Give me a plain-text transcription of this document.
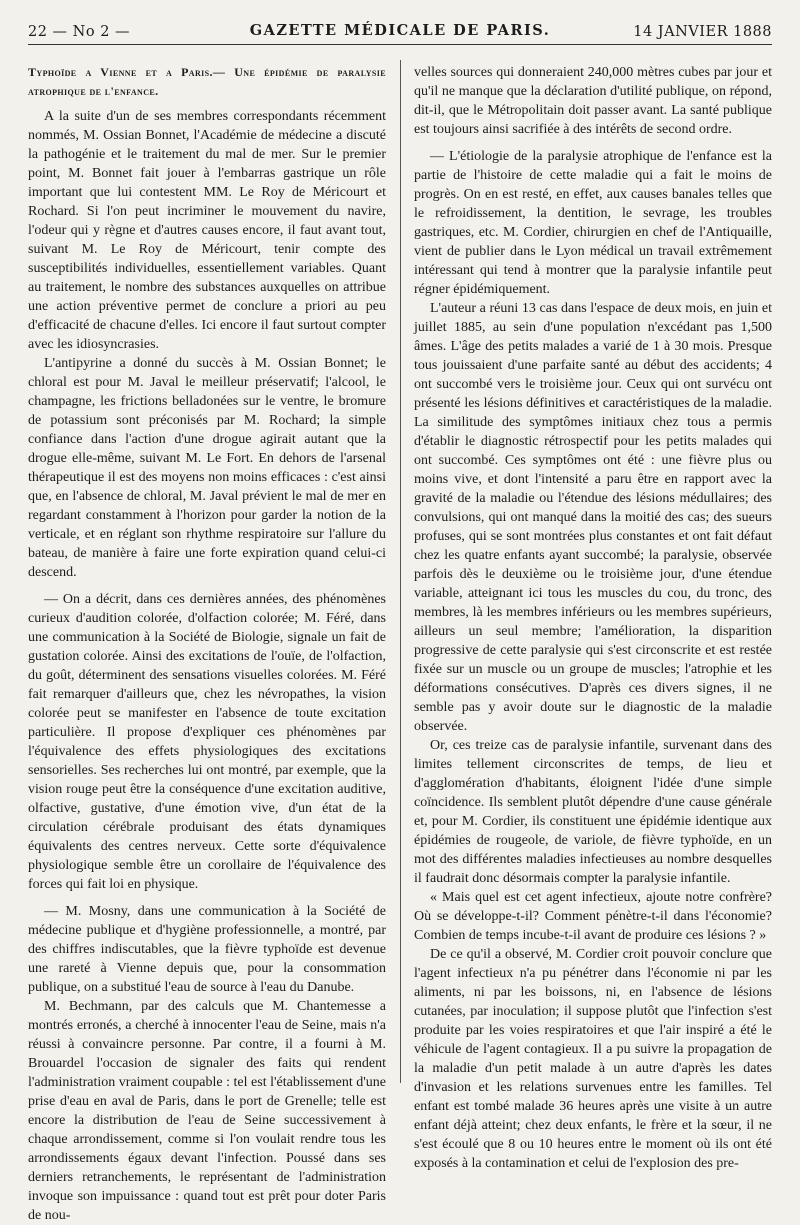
22 — No 2 —	GAZETTE MÉDICALE DE PARIS.	14 JANVIER 1888
Typhoïde a Vienne et a Paris.— Une épidémie de paralysie atrophique de l'enfance.

A la suite d'un de ses membres correspondants récemment nommés, M. Ossian Bonnet, l'Académie de médecine a discuté la pathogénie et le traitement du mal de mer. Sur le premier point, M. Bonnet fait jouer à l'embarras gastrique un rôle important que lui contestent MM. Le Roy de Méricourt et Rochard. Si l'on peut incriminer le mouvement du navire, l'odeur qui y règne et d'autres causes encore, il faut avant tout, suivant M. Le Roy de Méricourt, tenir compte des susceptibilités individuelles, essentiellement variables. Quant au traitement, le nombre des substances auxquelles on attribue une action préventive permet de conclure a priori au peu d'efficacité de chacune d'elles. Ici encore il faut surtout compter avec les idiosyncrasies.

L'antipyrine a donné du succès à M. Ossian Bonnet; le chloral est pour M. Javal le meilleur préservatif; l'alcool, le champagne, les frictions belladonées sur le ventre, le bromure de potassium sont préconisés par M. Rochard; la simple confiance dans l'action d'une drogue agirait autant que la drogue elle-même, suivant M. Le Fort. En dehors de l'arsenal thérapeutique il est des moyens non moins efficaces : c'est ainsi que, en l'absence de chloral, M. Javal prévient le mal de mer en regardant constamment à l'horizon pour garder la notion de la verticale, et en réglant son rhythme respiratoire sur l'allure du bateau, de manière à faire une forte expiration quand celui-ci descend.

— On a décrit, dans ces dernières années, des phénomènes curieux d'audition colorée, d'olfaction colorée; M. Féré, dans une communication à la Société de Biologie, signale un fait de gustation colorée. Ainsi des excitations de l'ouïe, de l'olfaction, du goût, déterminent des sensations visuelles colorées. M. Féré fait remarquer d'ailleurs que, chez les névropathes, la vision colorée peut se manifester en l'absence de toute excitation particulière. Il propose d'expliquer ces phénomènes par l'équivalence des effets physiologiques des excitations sensorielles. Ses recherches lui ont montré, par exemple, que la vision rouge peut être la conséquence d'une excitation auditive, olfactive, gustative, d'une émotion vive, d'un état de la circulation cérébrale produisant des états dynamiques équivalents des centres nerveux. Cette sorte d'équivalence physiologique semble être un corollaire de l'équivalence des forces qui fait loi en physique.

— M. Mosny, dans une communication à la Société de médecine publique et d'hygiène professionnelle, a montré, par des chiffres indiscutables, que la fièvre typhoïde est devenue une rareté à Vienne depuis que, pour la consommation publique, on a substitué l'eau de source à l'eau du Danube.

M. Bechmann, par des calculs que M. Chantemesse a montrés erronés, a cherché à innocenter l'eau de Seine, mais n'a réussi à convaincre personne. Par contre, il a fourni à M. Brouardel l'occasion de signaler des faits qui rendent l'administration vraiment coupable : tel est l'établissement d'une prise d'eau en aval de Paris, dans le port de Grenelle; telle est encore la distribution de l'eau de Seine successivement à chaque arrondissement, comme si l'on voulait rendre tous les arrondissements égaux devant l'infection. Poussé dans ses derniers retranchements, le représentant de l'administration invoque son impuissance : quand tout est prêt pour doter Paris de nou-

velles sources qui donneraient 240,000 mètres cubes par jour et qu'il ne manque que la déclaration d'utilité publique, on répond, dit-il, que le Métropolitain doit passer avant. La santé publique est toujours ainsi sacrifiée à des intérêts de second ordre.

— L'étiologie de la paralysie atrophique de l'enfance est la partie de l'histoire de cette maladie qui a fait le moins de progrès. On en est resté, en effet, aux causes banales telles que le refroidissement, la dentition, le sevrage, les troubles gastriques, etc. M. Cordier, chirurgien en chef de l'Antiquaille, vient de publier dans le Lyon médical un travail extrêmement intéressant qui tend à montrer que la paralysie infantile peut régner épidémiquement.

L'auteur a réuni 13 cas dans l'espace de deux mois, en juin et juillet 1885, au sein d'une population n'excédant pas 1,500 âmes. L'âge des petits malades a varié de 1 à 30 mois. Presque tous jouissaient d'une parfaite santé au début des accidents; 4 ont succombé vers le troisième jour. Ceux qui ont survécu ont présenté les lésions définitives et caractéristiques de la maladie. La similitude des symptômes initiaux chez tous a permis d'établir le diagnostic rétrospectif pour les petits malades qui ont succombé. Ces symptômes ont été : une fièvre plus ou moins vive, et dont l'intensité a paru être en rapport avec la gravité de la maladie ou l'étendue des lésions médullaires; des convulsions, qui ont manqué dans la moitié des cas; des sueurs profuses, qui se sont montrées plus constantes et ont fait défaut chez les quatre enfants ayant succombé; la paralysie, observée parfois dès le deuxième ou le troisième jour, d'une étendue variable, atteignant ici tous les muscles du cou, du tronc, des membres, là les membres inférieurs ou les membres supérieurs, ailleurs un seul membre; l'amélioration, la disparition progressive de cette paralysie qui s'est circonscrite et est restée fixée sur un muscle ou un groupe de muscles; l'atrophie et les déformations consécutives. D'après ces divers signes, il ne semble pas y avoir doute sur le diagnostic de la maladie observée.

Or, ces treize cas de paralysie infantile, survenant dans des limites tellement circonscrites de temps, de lieu et d'agglomération d'habitants, éloignent l'idée d'une simple coïncidence. Ils semblent plutôt dépendre d'une cause générale et, pour M. Cordier, ils constituent une épidémie identique aux épidémies de rougeole, de variole, de fièvre typhoïde, en un mot des différentes maladies infectieuses au nombre desquelles il faudrait donc désormais compter la paralysie infantile.

« Mais quel est cet agent infectieux, ajoute notre confrère? Où se développe-t-il? Comment pénètre-t-il dans l'économie? Combien de temps incube-t-il avant de produire ces lésions ? »

De ce qu'il a observé, M. Cordier croit pouvoir conclure que l'agent infectieux n'a pu pénétrer dans l'économie ni par les aliments, ni par les boissons, ni, en l'absence de lésions cutanées, par inoculation; il suppose plutôt que l'infection s'est produite par les voies respiratoires et que l'air inspiré a été le véhicule de l'agent contagieux. Il a pu suivre la propagation de la maladie d'un petit malade à un autre d'après les dates d'invasion et les relations survenues entre les familles. Tel enfant est tombé malade 36 heures après une visite à un autre enfant déjà atteint; chez deux enfants, le frère et la sœur, il ne s'est écoulé que 8 ou 10 heures entre le moment où ils ont été exposés à la contamination et celui de l'explosion des pre-
